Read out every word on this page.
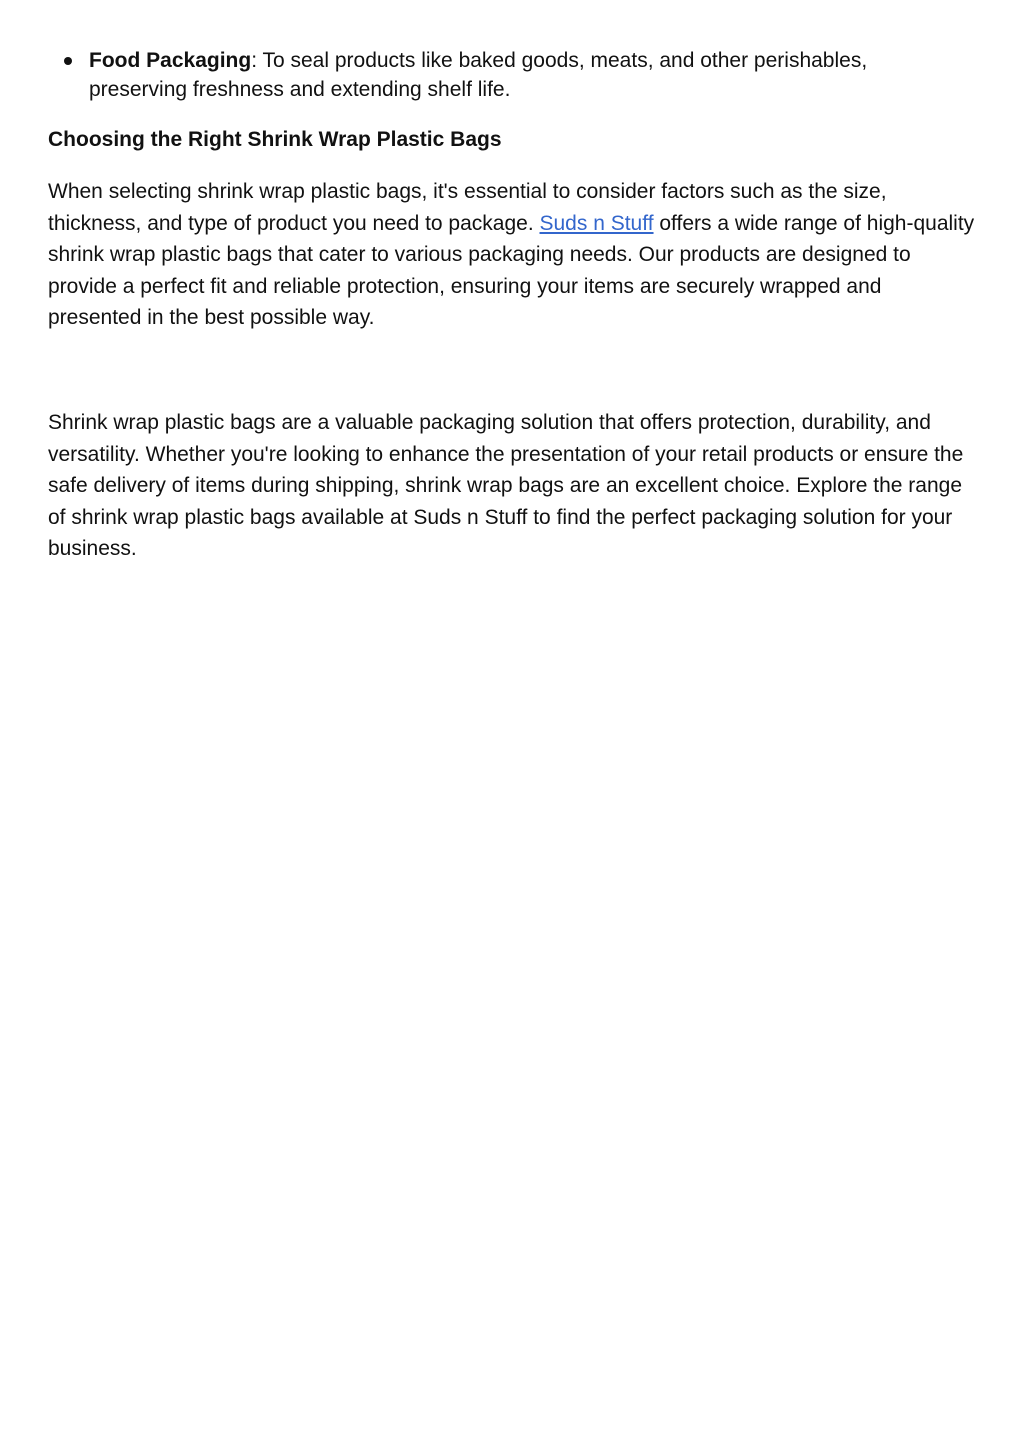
Food Packaging: To seal products like baked goods, meats, and other perishables, preserving freshness and extending shelf life.
Choosing the Right Shrink Wrap Plastic Bags

When selecting shrink wrap plastic bags, it's essential to consider factors such as the size, thickness, and type of product you need to package. Suds n Stuff offers a wide range of high-quality shrink wrap plastic bags that cater to various packaging needs. Our products are designed to provide a perfect fit and reliable protection, ensuring your items are securely wrapped and presented in the best possible way.

Shrink wrap plastic bags are a valuable packaging solution that offers protection, durability, and versatility. Whether you're looking to enhance the presentation of your retail products or ensure the safe delivery of items during shipping, shrink wrap bags are an excellent choice. Explore the range of shrink wrap plastic bags available at Suds n Stuff to find the perfect packaging solution for your business.
